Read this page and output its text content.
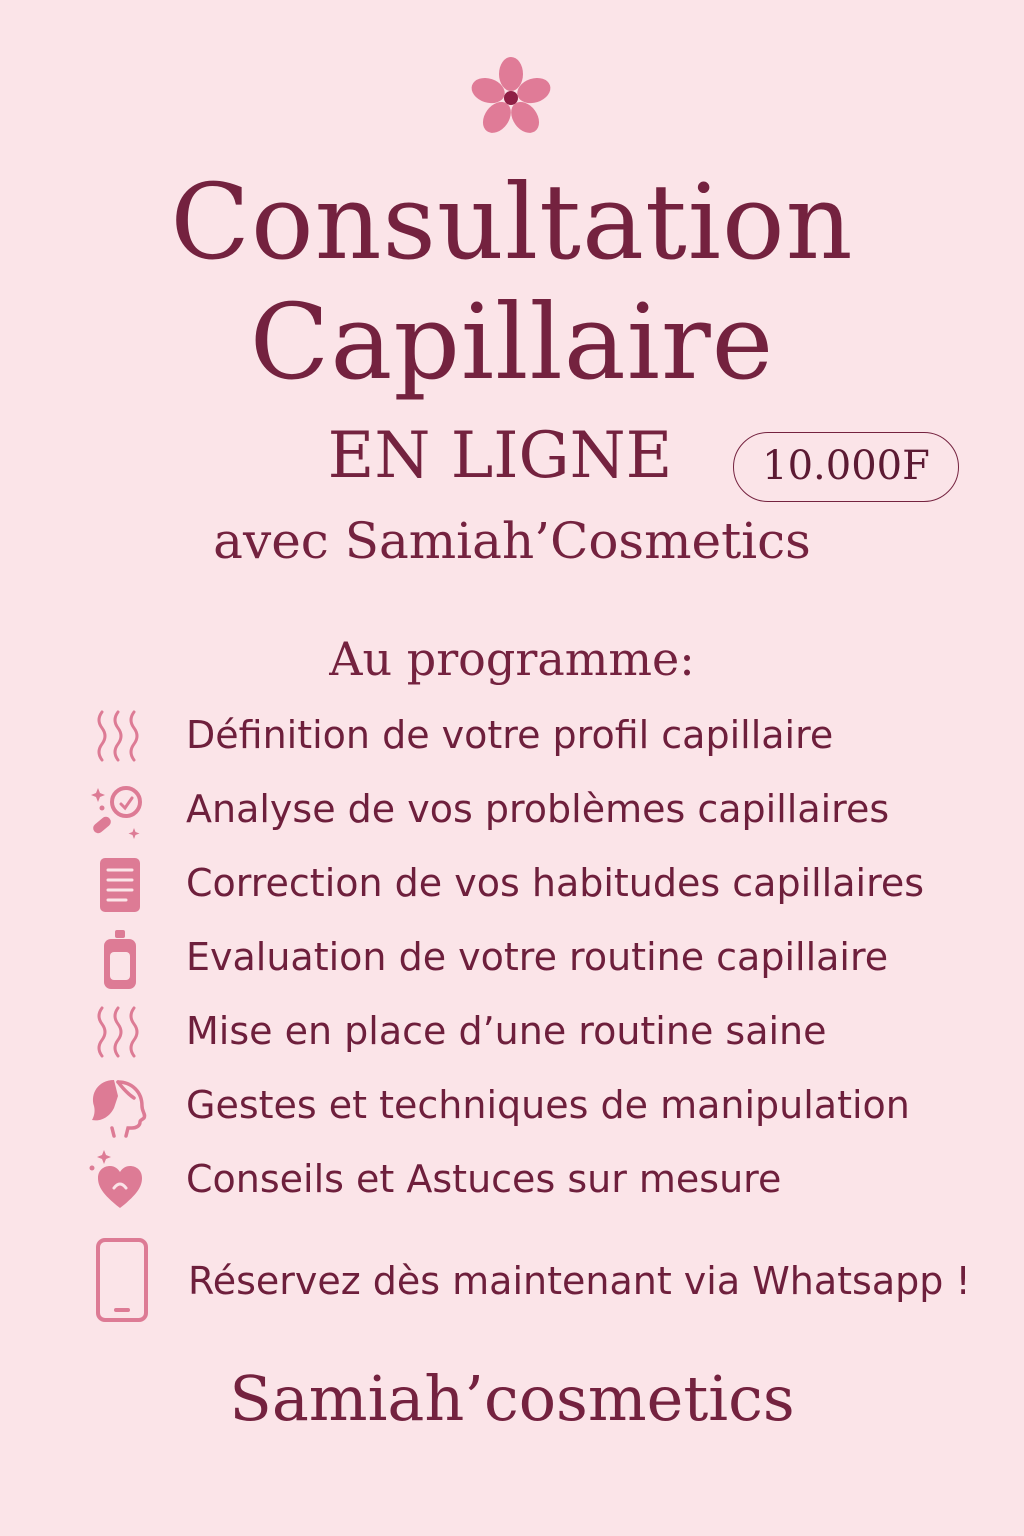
Consultation
Capillaire
EN LIGNE	10.000F
avec Samiah’Cosmetics
Au programme:
Définition de votre profil capillaire
Analyse de vos problèmes capillaires
Correction de vos habitudes capillaires
Evaluation de votre routine capillaire
Mise en place d’une routine saine
Gestes et techniques de manipulation
Conseils et Astuces sur mesure
Réservez dès maintenant via Whatsapp !
Samiah’cosmetics
